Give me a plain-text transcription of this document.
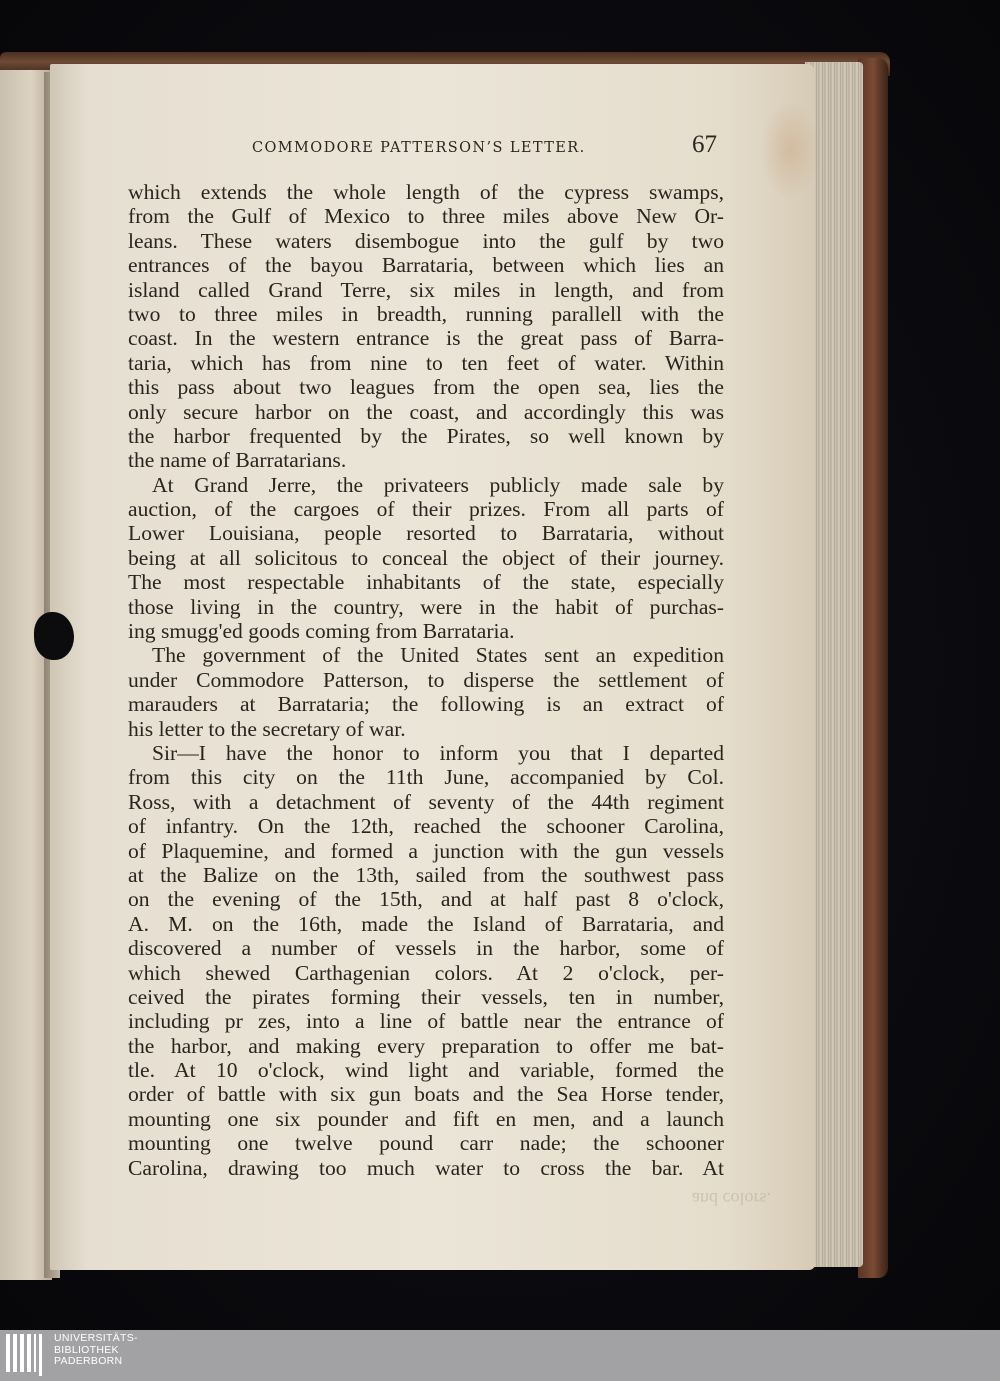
COMMODORE PATTERSON’S LETTER.	67
which extends the whole length of the cypress swamps,
from the Gulf of Mexico to three miles above New Or-
leans. These waters disembogue into the gulf by two
entrances of the bayou Barrataria, between which lies an
island called Grand Terre, six miles in length, and from
two to three miles in breadth, running parallell with the
coast. In the western entrance is the great pass of Barra-
taria, which has from nine to ten feet of water. Within
this pass about two leagues from the open sea, lies the
only secure harbor on the coast, and accordingly this was
the harbor frequented by the Pirates, so well known by
the name of Barratarians.
At Grand Jerre, the privateers publicly made sale by
auction, of the cargoes of their prizes. From all parts of
Lower Louisiana, people resorted to Barrataria, without
being at all solicitous to conceal the object of their journey.
The most respectable inhabitants of the state, especially
those living in the country, were in the habit of purchas-
ing smugg'ed goods coming from Barrataria.
The government of the United States sent an expedition
under Commodore Patterson, to disperse the settlement of
marauders at Barrataria; the following is an extract of
his letter to the secretary of war.
Sir—I have the honor to inform you that I departed
from this city on the 11th June, accompanied by Col.
Ross, with a detachment of seventy of the 44th regiment
of infantry. On the 12th, reached the schooner Carolina,
of Plaquemine, and formed a junction with the gun vessels
at the Balize on the 13th, sailed from the southwest pass
on the evening of the 15th, and at half past 8 o'clock,
A. M. on the 16th, made the Island of Barrataria, and
discovered a number of vessels in the harbor, some of
which shewed Carthagenian colors. At 2 o'clock, per-
ceived the pirates forming their vessels, ten in number,
including pr zes, into a line of battle near the entrance of
the harbor, and making every preparation to offer me bat-
tle. At 10 o'clock, wind light and variable, formed the
order of battle with six gun boats and the Sea Horse tender,
mounting one six pounder and fift en men, and a launch
mounting one twelve pound carr nade; the schooner
Carolina, drawing too much water to cross the bar. At
and colors.
UNIVERSITÄTS-
BIBLIOTHEK
PADERBORN
